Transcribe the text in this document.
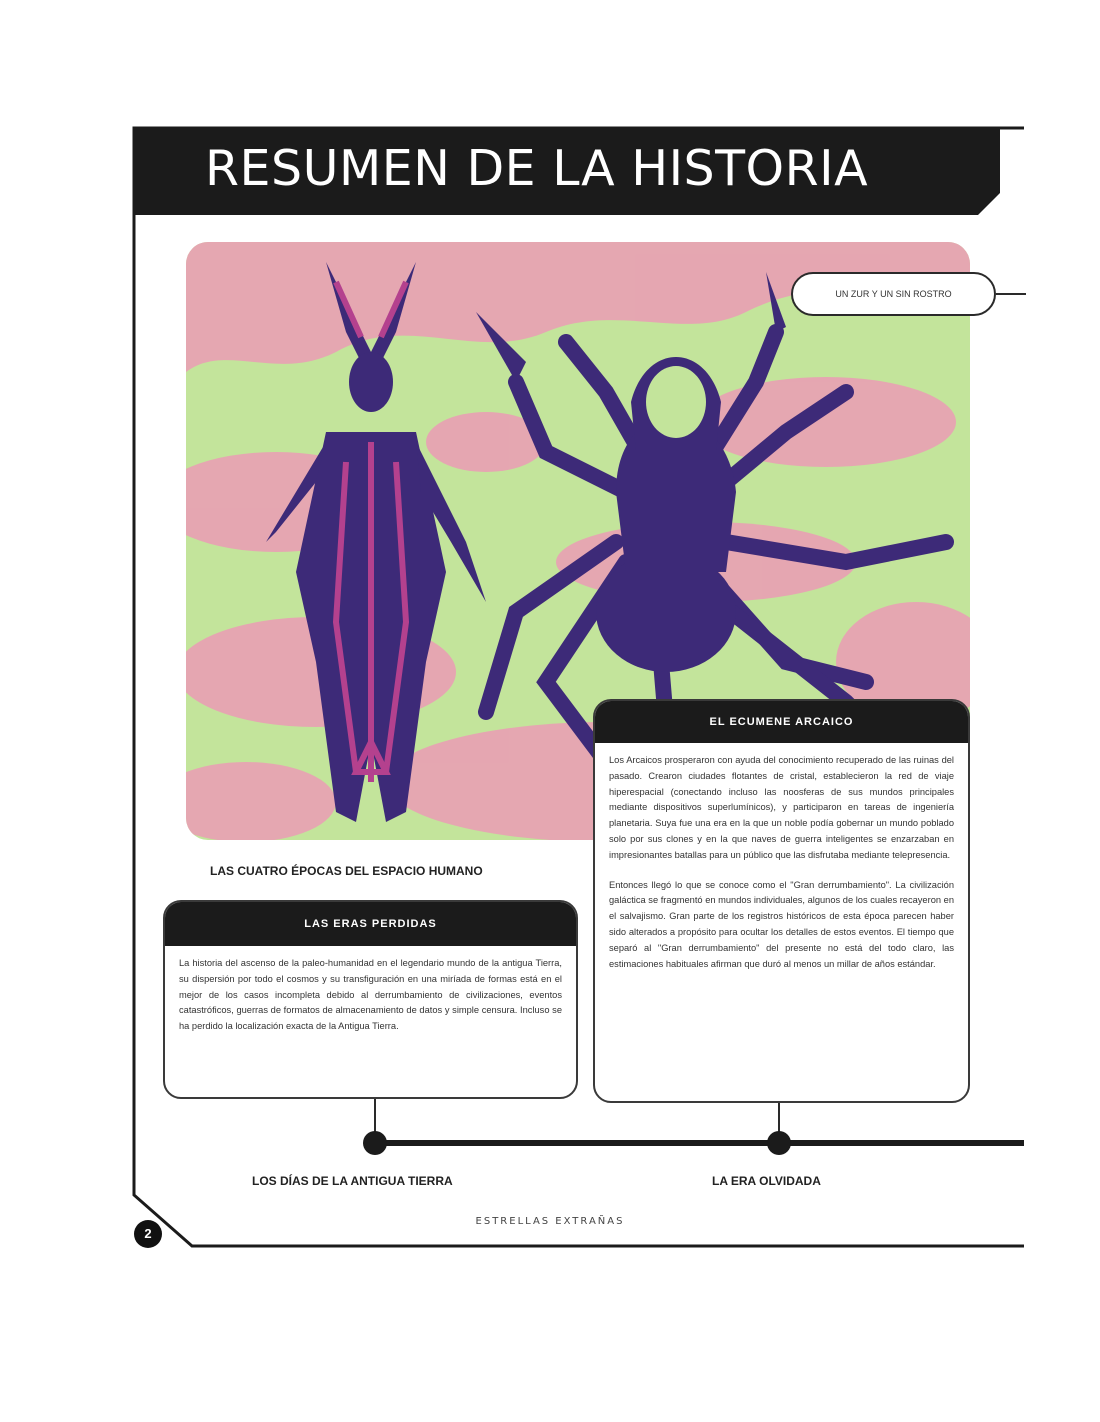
RESUMEN DE LA HISTORIA
UN ZUR Y UN SIN ROSTRO
LAS CUATRO ÉPOCAS DEL ESPACIO HUMANO
LAS ERAS PERDIDAS

La historia del ascenso de la paleo-humanidad en el legendario mundo de la antigua Tierra, su dispersión por todo el cosmos y su transfiguración en una miríada de formas está en el mejor de los casos incompleta debido al derrumbamiento de civilizaciones, eventos catastróficos, guerras de formatos de almacenamiento de datos y simple censura. Incluso se ha perdido la localización exacta de la Antigua Tierra.

EL ECUMENE ARCAICO

Los Arcaicos prosperaron con ayuda del conocimiento recuperado de las ruinas del pasado. Crearon ciudades flotantes de cristal, establecieron la red de viaje hiperespacial (conectando incluso las noosferas de sus mundos principales mediante dispositivos superlumínicos), y participaron en tareas de ingeniería planetaria. Suya fue una era en la que un noble podía gobernar un mundo poblado solo por sus clones y en la que naves de guerra inteligentes se enzarzaban en impresionantes batallas para un público que las disfrutaba mediante telepresencia.

Entonces llegó lo que se conoce como el "Gran derrumbamiento". La civilización galáctica se fragmentó en mundos individuales, algunos de los cuales recayeron en el salvajismo. Gran parte de los registros históricos de esta época parecen haber sido alterados a propósito para ocultar los detalles de estos eventos. El tiempo que separó al "Gran derrumbamiento" del presente no está del todo claro, las estimaciones habituales afirman que duró al menos un millar de años estándar.

LOS DÍAS DE LA ANTIGUA TIERRA	LA ERA OLVIDADA
2
ESTRELLAS EXTRAÑAS
